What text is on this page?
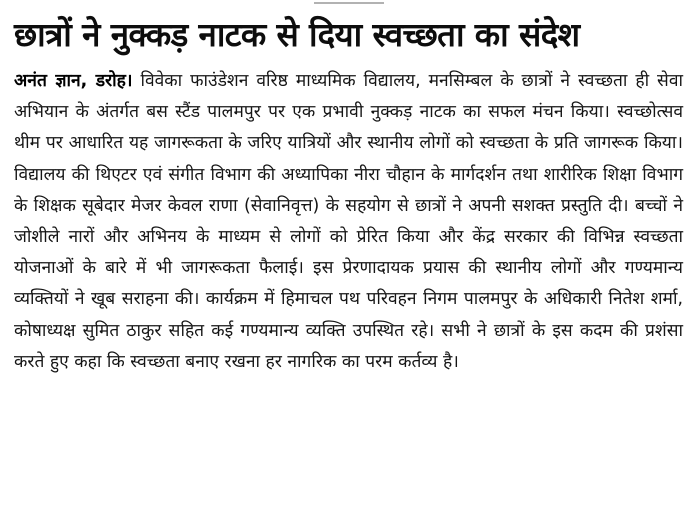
छात्रों ने नुक्कड़ नाटक से दिया स्वच्छता का संदेश

अनंत ज्ञान, डरोह। विवेका फाउंडेशन वरिष्ठ माध्यमिक विद्यालय, मनसिम्बल के छात्रों ने स्वच्छता ही सेवा अभियान के अंतर्गत बस स्टैंड पालमपुर पर एक प्रभावी नुक्कड़ नाटक का सफल मंचन किया। स्वच्छोत्सव थीम पर आधारित यह जागरूकता के जरिए यात्रियों और स्थानीय लोगों को स्वच्छता के प्रति जागरूक किया। विद्यालय की थिएटर एवं संगीत विभाग की अध्यापिका नीरा चौहान के मार्गदर्शन तथा शारीरिक शिक्षा विभाग के शिक्षक सूबेदार मेजर केवल राणा (सेवानिवृत्त) के सहयोग से छात्रों ने अपनी सशक्त प्रस्तुति दी। बच्चों ने जोशीले नारों और अभिनय के माध्यम से लोगों को प्रेरित किया और केंद्र सरकार की विभिन्न स्वच्छता योजनाओं के बारे में भी जागरूकता फैलाई। इस प्रेरणादायक प्रयास की स्थानीय लोगों और गण्यमान्य व्यक्तियों ने खूब सराहना की। कार्यक्रम में हिमाचल पथ परिवहन निगम पालमपुर के अधिकारी नितेश शर्मा, कोषाध्यक्ष सुमित ठाकुर सहित कई गण्यमान्य व्यक्ति उपस्थित रहे। सभी ने छात्रों के इस कदम की प्रशंसा करते हुए कहा कि स्वच्छता बनाए रखना हर नागरिक का परम कर्तव्य है।
